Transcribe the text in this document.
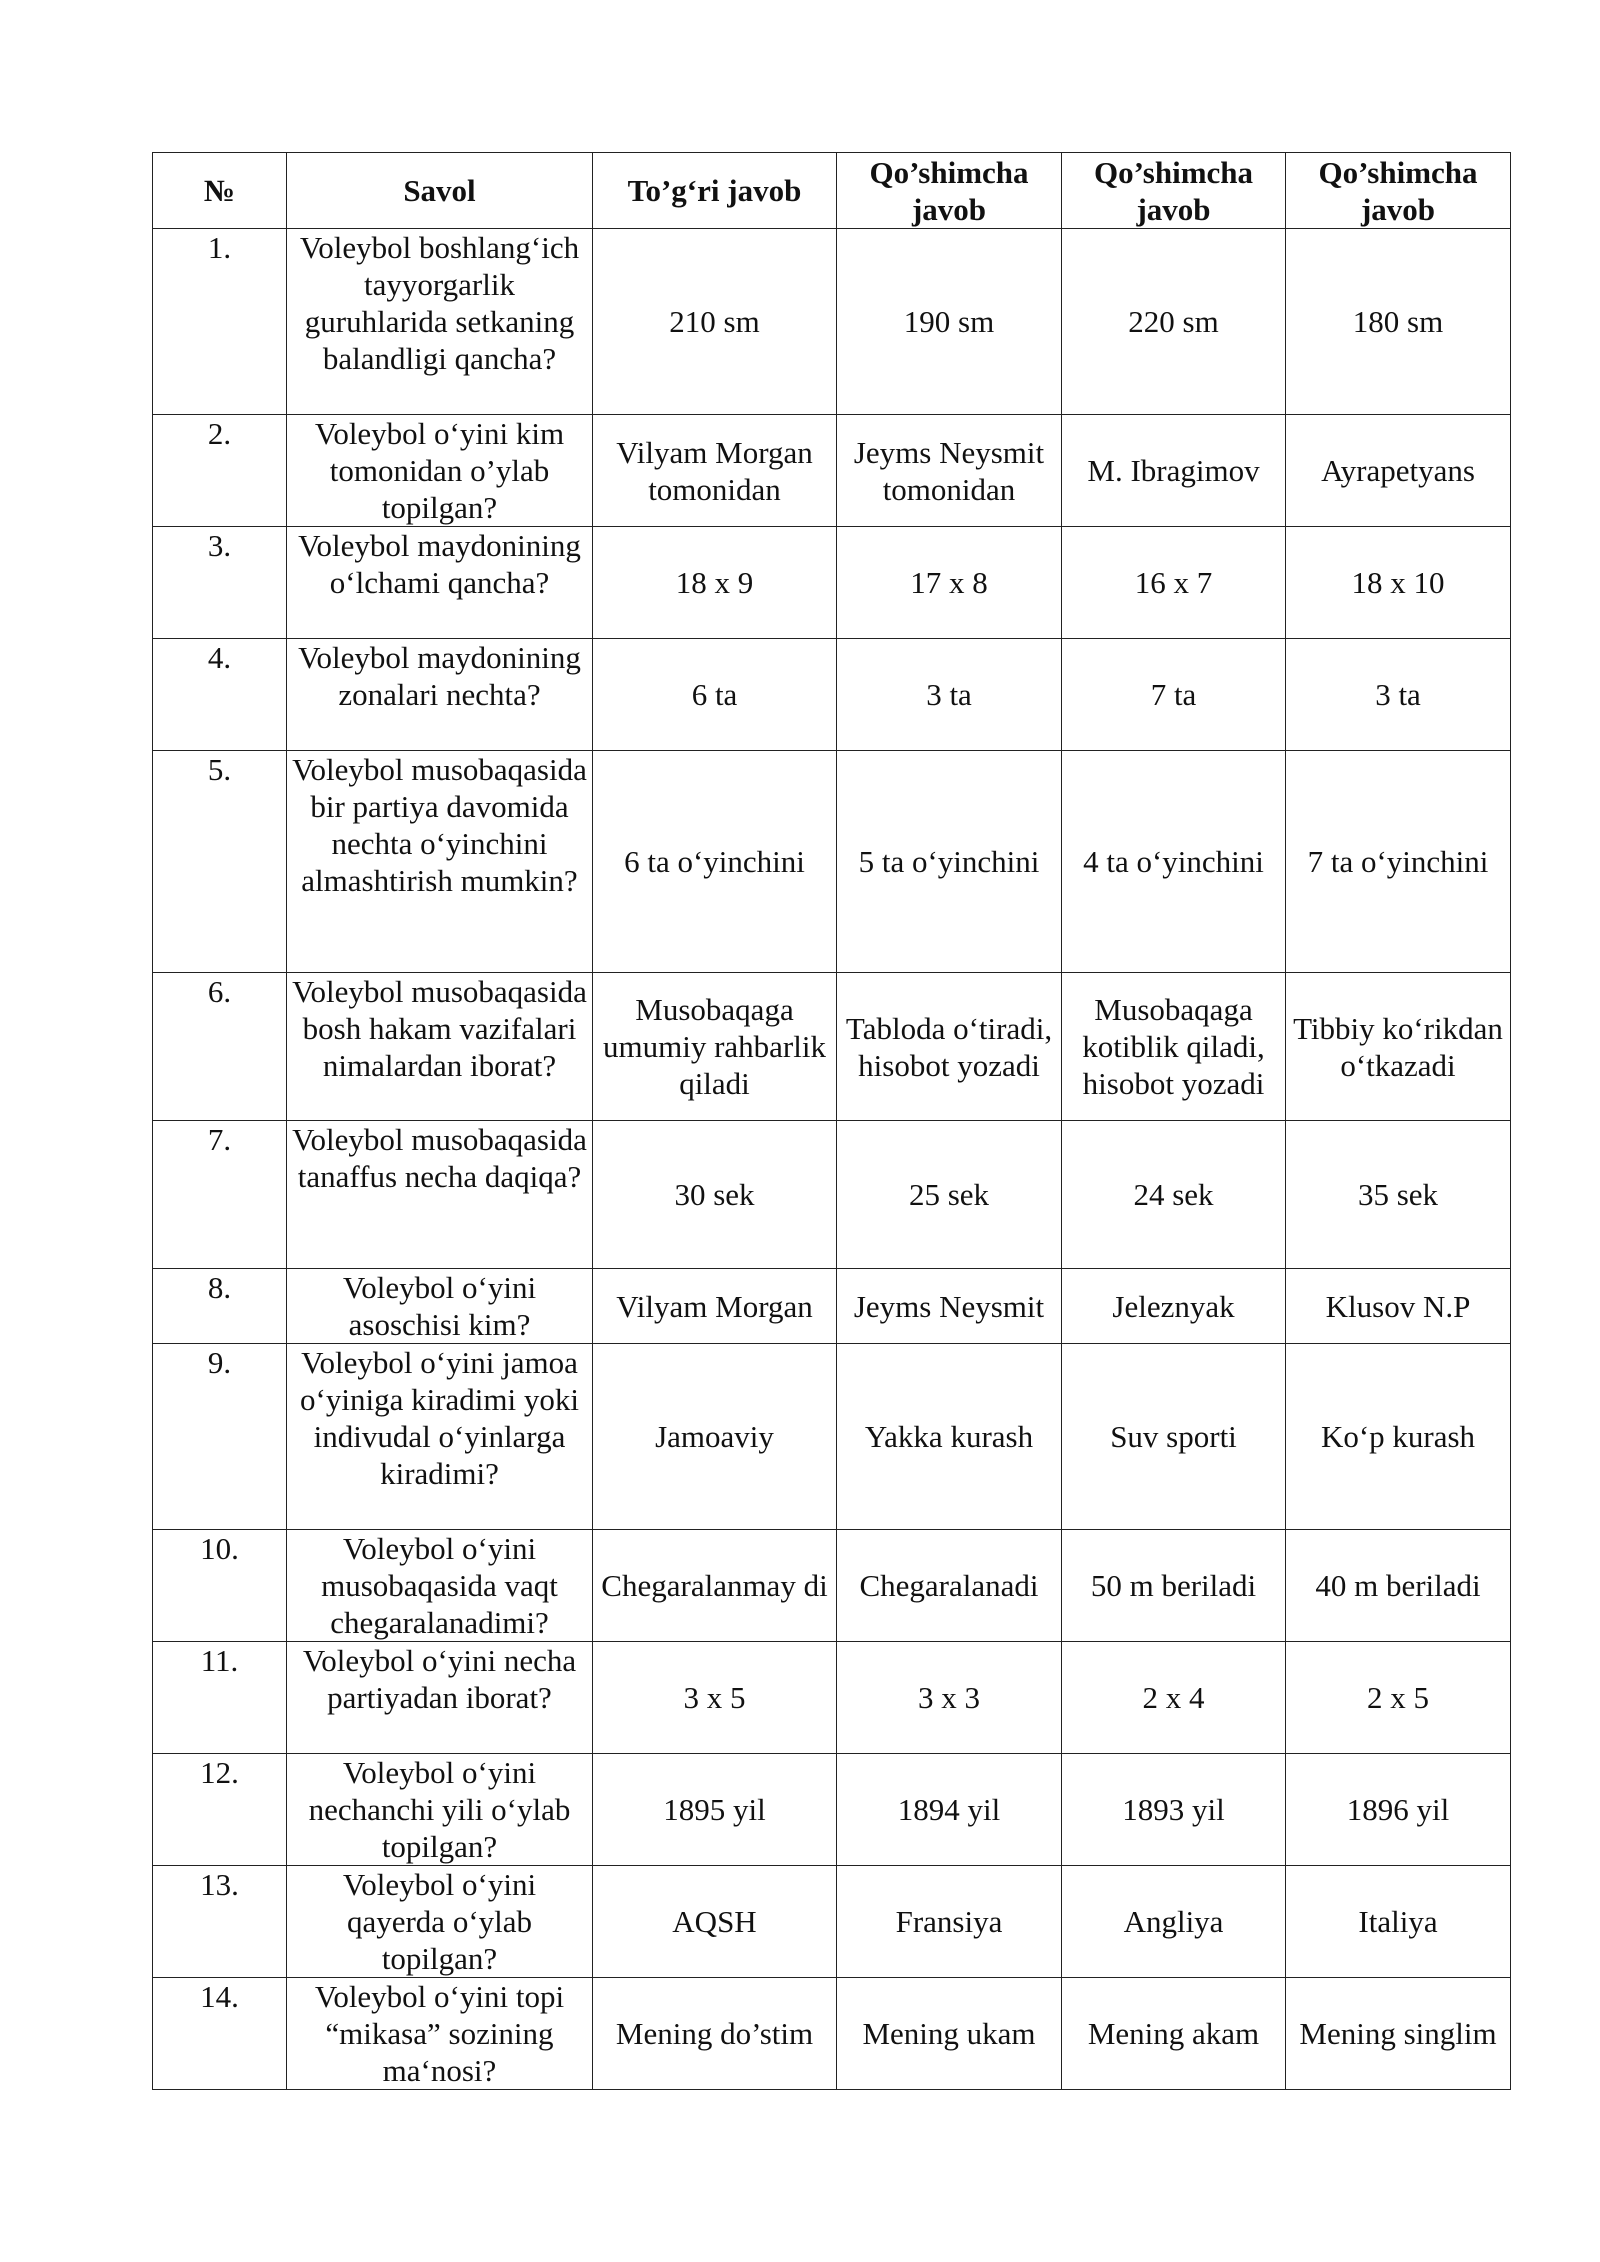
№	Savol	To’g‘ri javob	Qo’shimcha javob	Qo’shimcha javob	Qo’shimcha javob
1.	Voleybol boshlang‘ich tayyorgarlik guruhlarida setkaning balandligi qancha?	210 sm	190 sm	220 sm	180 sm
2.	Voleybol o‘yini kim tomonidan o’ylab topilgan?	Vilyam Morgan tomonidan	Jeyms Neysmit tomonidan	M. Ibragimov	Ayrapetyans
3.	Voleybol maydonining o‘lchami qancha?	18 x 9	17 x 8	16 x 7	18 x 10
4.	Voleybol maydonining zonalari nechta?	6 ta	3 ta	7 ta	3 ta
5.	Voleybol musobaqasida bir partiya davomida nechta o‘yinchini almashtirish mumkin?	6 ta o‘yinchini	5 ta o‘yinchini	4 ta o‘yinchini	7 ta o‘yinchini
6.	Voleybol musobaqasida bosh hakam vazifalari nimalardan iborat?	Musobaqaga umumiy rahbarlik qiladi	Tabloda o‘tiradi, hisobot yozadi	Musobaqaga kotiblik qiladi, hisobot yozadi	Tibbiy ko‘rikdan o‘tkazadi
7.	Voleybol musobaqasida tanaffus necha daqiqa?	30 sek	25 sek	24 sek	35 sek
8.	Voleybol o‘yini asoschisi kim?	Vilyam Morgan	Jeyms Neysmit	Jeleznyak	Klusov N.P
9.	Voleybol o‘yini jamoa o‘yiniga kiradimi yoki indivudal o‘yinlarga kiradimi?	Jamoaviy	Yakka kurash	Suv sporti	Ko‘p kurash
10.	Voleybol o‘yini musobaqasida vaqt chegaralanadimi?	Chegaralanmay di	Chegaralanadi	50 m beriladi	40 m beriladi
11.	Voleybol o‘yini necha partiyadan iborat?	3 x 5	3 x 3	2 x 4	2 x 5
12.	Voleybol o‘yini nechanchi yili o‘ylab topilgan?	1895 yil	1894 yil	1893 yil	1896 yil
13.	Voleybol o‘yini qayerda o‘ylab topilgan?	AQSH	Fransiya	Angliya	Italiya
14.	Voleybol o‘yini topi “mikasa” sozining ma‘nosi?	Mening do’stim	Mening ukam	Mening akam	Mening singlim
